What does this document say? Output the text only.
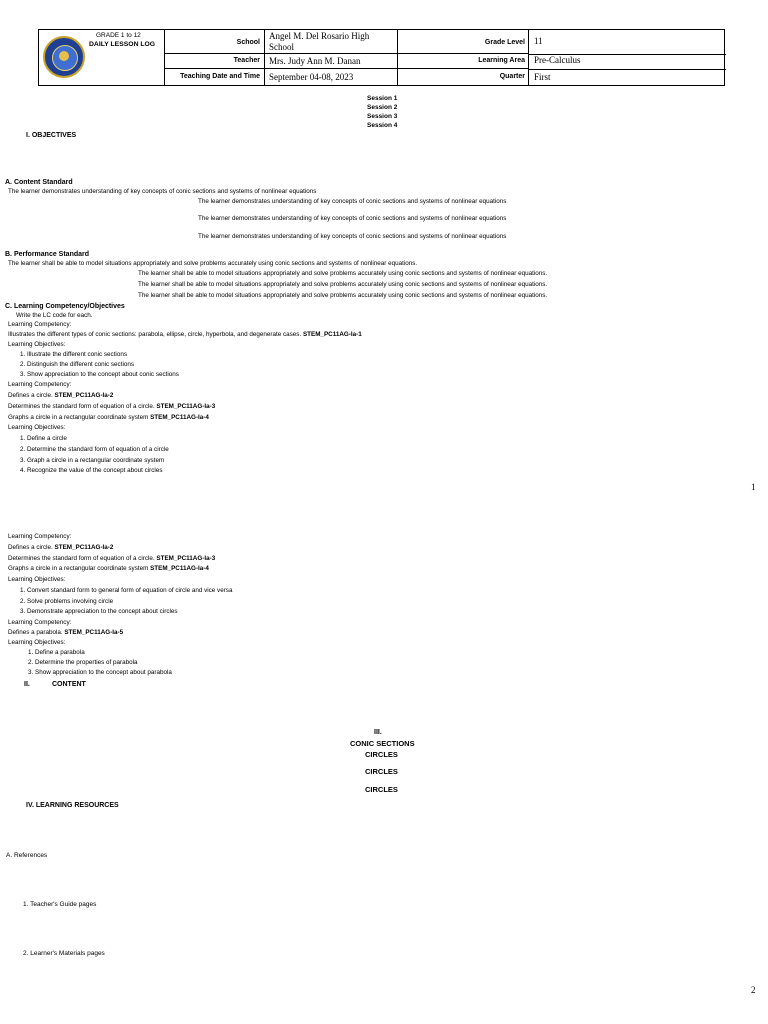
GRADE 1 to 12
DAILY LESSON LOG	School
Angel M. Del Rosario High
School	Grade Level 11
Teacher Mrs. Judy Ann M. Danan	Learning Area Pre-Calculus
Teaching Date and Time September 04-08, 2023	Quarter First
Session 1
Session 2
Session 3
Session 4
I. OBJECTIVES
A. Content Standard
The learner demonstrates understanding of key concepts of conic sections and systems of nonlinear equations
The learner demonstrates understanding of key concepts of conic sections and systems of nonlinear equations
The learner demonstrates understanding of key concepts of conic sections and systems of nonlinear equations
The learner demonstrates understanding of key concepts of conic sections and systems of nonlinear equations
B. Performance Standard
The learner shall be able to model situations appropriately and solve problems accurately using conic sections and systems of nonlinear equations.
The learner shall be able to model situations appropriately and solve problems accurately using conic sections and systems of nonlinear equations.
The learner shall be able to model situations appropriately and solve problems accurately using conic sections and systems of nonlinear equations.
The learner shall be able to model situations appropriately and solve problems accurately using conic sections and systems of nonlinear equations.
C. Learning Competency/Objectives
Write the LC code for each.
Learning Competency:
Illustrates the different types of conic sections: parabola, ellipse, circle, hyperbola, and degenerate cases. STEM_PC11AG-Ia-1
Learning Objectives:
1. Illustrate the different conic sections
2. Distinguish the different conic sections
3. Show appreciation to the concept about conic sections
Learning Competency:
Defines a circle. STEM_PC11AG-Ia-2
Determines the standard form of equation of a circle. STEM_PC11AG-Ia-3
Graphs a circle in a rectangular coordinate system STEM_PC11AG-Ia-4
Learning Objectives:
1. Define a circle
2. Determine the standard form of equation of a circle
3. Graph a circle in a rectangular coordinate system
4. Recognize the value of the concept about circles
1
Learning Competency:
Defines a circle. STEM_PC11AG-Ia-2
Determines the standard form of equation of a circle. STEM_PC11AG-Ia-3
Graphs a circle in a rectangular coordinate system STEM_PC11AG-Ia-4
Learning Objectives:
1. Convert standard form to general form of equation of circle and vice versa
2. Solve problems involving circle
3. Demonstrate appreciation to the concept about circles
Learning Competency:
Defines a parabola. STEM_PC11AG-Ia-5
Learning Objectives:
1. Define a parabola
2. Determine the properties of parabola
3. Show appreciation to the concept about parabola
II.	CONTENT
III.
CONIC SECTIONS
CIRCLES
CIRCLES
CIRCLES
IV. LEARNING RESOURCES
A. References
1. Teacher's Guide pages
2. Learner's Materials pages
2
